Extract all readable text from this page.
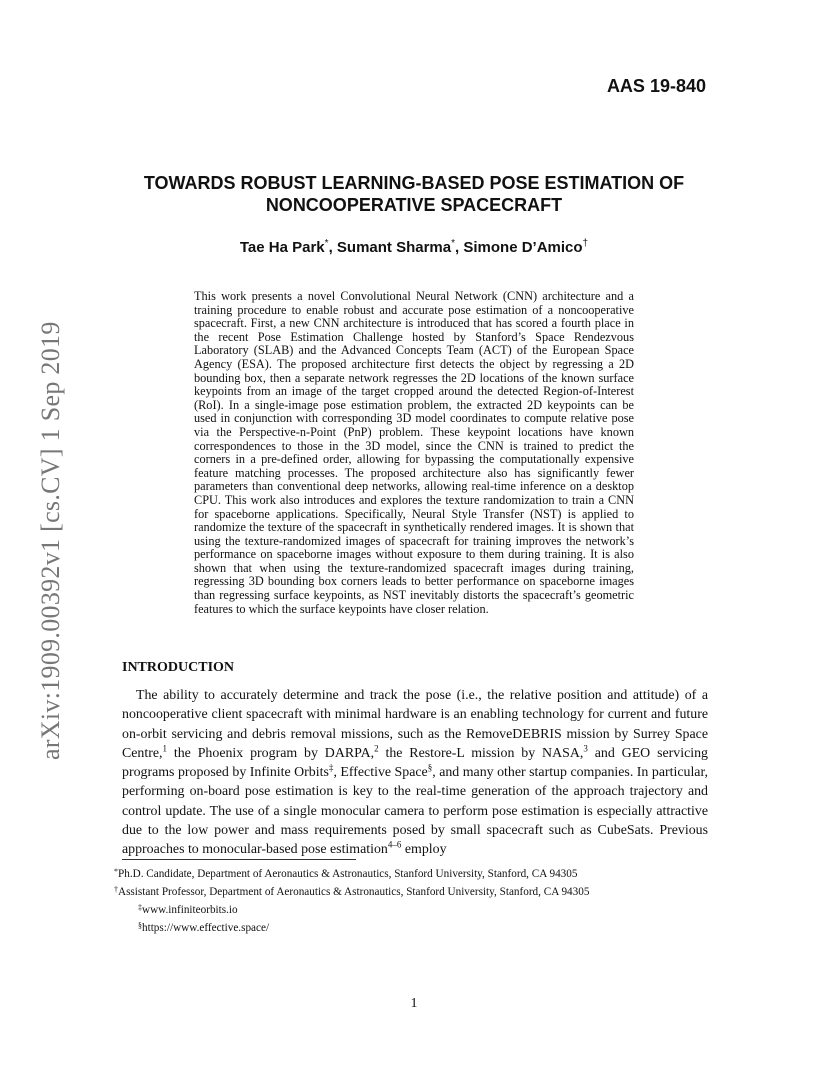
AAS 19-840
TOWARDS ROBUST LEARNING-BASED POSE ESTIMATION OF NONCOOPERATIVE SPACECRAFT
Tae Ha Park*, Sumant Sharma*, Simone D’Amico†
arXiv:1909.00392v1 [cs.CV] 1 Sep 2019
This work presents a novel Convolutional Neural Network (CNN) architecture and a training procedure to enable robust and accurate pose estimation of a noncooperative spacecraft. First, a new CNN architecture is introduced that has scored a fourth place in the recent Pose Estimation Challenge hosted by Stanford’s Space Rendezvous Laboratory (SLAB) and the Advanced Concepts Team (ACT) of the European Space Agency (ESA). The proposed architecture first detects the object by regressing a 2D bounding box, then a separate network regresses the 2D locations of the known surface keypoints from an image of the target cropped around the detected Region-of-Interest (RoI). In a single-image pose estimation problem, the extracted 2D keypoints can be used in conjunction with corresponding 3D model coordinates to compute relative pose via the Perspective-n-Point (PnP) problem. These keypoint locations have known correspondences to those in the 3D model, since the CNN is trained to predict the corners in a pre-defined order, allowing for bypassing the computationally expensive feature matching processes. The proposed architecture also has significantly fewer parameters than conventional deep networks, allowing real-time inference on a desktop CPU. This work also introduces and explores the texture randomization to train a CNN for spaceborne applications. Specifically, Neural Style Transfer (NST) is applied to randomize the texture of the spacecraft in synthetically rendered images. It is shown that using the texture-randomized images of spacecraft for training improves the network’s performance on spaceborne images without exposure to them during training. It is also shown that when using the texture-randomized spacecraft images during training, regressing 3D bounding box corners leads to better performance on spaceborne images than regressing surface keypoints, as NST inevitably distorts the spacecraft’s geometric features to which the surface keypoints have closer relation.
INTRODUCTION

The ability to accurately determine and track the pose (i.e., the relative position and attitude) of a noncooperative client spacecraft with minimal hardware is an enabling technology for current and future on-orbit servicing and debris removal missions, such as the RemoveDEBRIS mission by Surrey Space Centre,$^1$ the Phoenix program by DARPA,$^2$ the Restore-L mission by NASA,$^3$ and GEO servicing programs proposed by Infinite Orbits‡, Effective Space§, and many other startup companies. In particular, performing on-board pose estimation is key to the real-time generation of the approach trajectory and control update. The use of a single monocular camera to perform pose estimation is especially attractive due to the low power and mass requirements posed by small spacecraft such as CubeSats. Previous approaches to monocular-based pose estimation$^{4-6}$ employ

*Ph.D. Candidate, Department of Aeronautics & Astronautics, Stanford University, Stanford, CA 94305
†Assistant Professor, Department of Aeronautics & Astronautics, Stanford University, Stanford, CA 94305
‡www.infiniteorbits.io
§https://www.effective.space/
1
